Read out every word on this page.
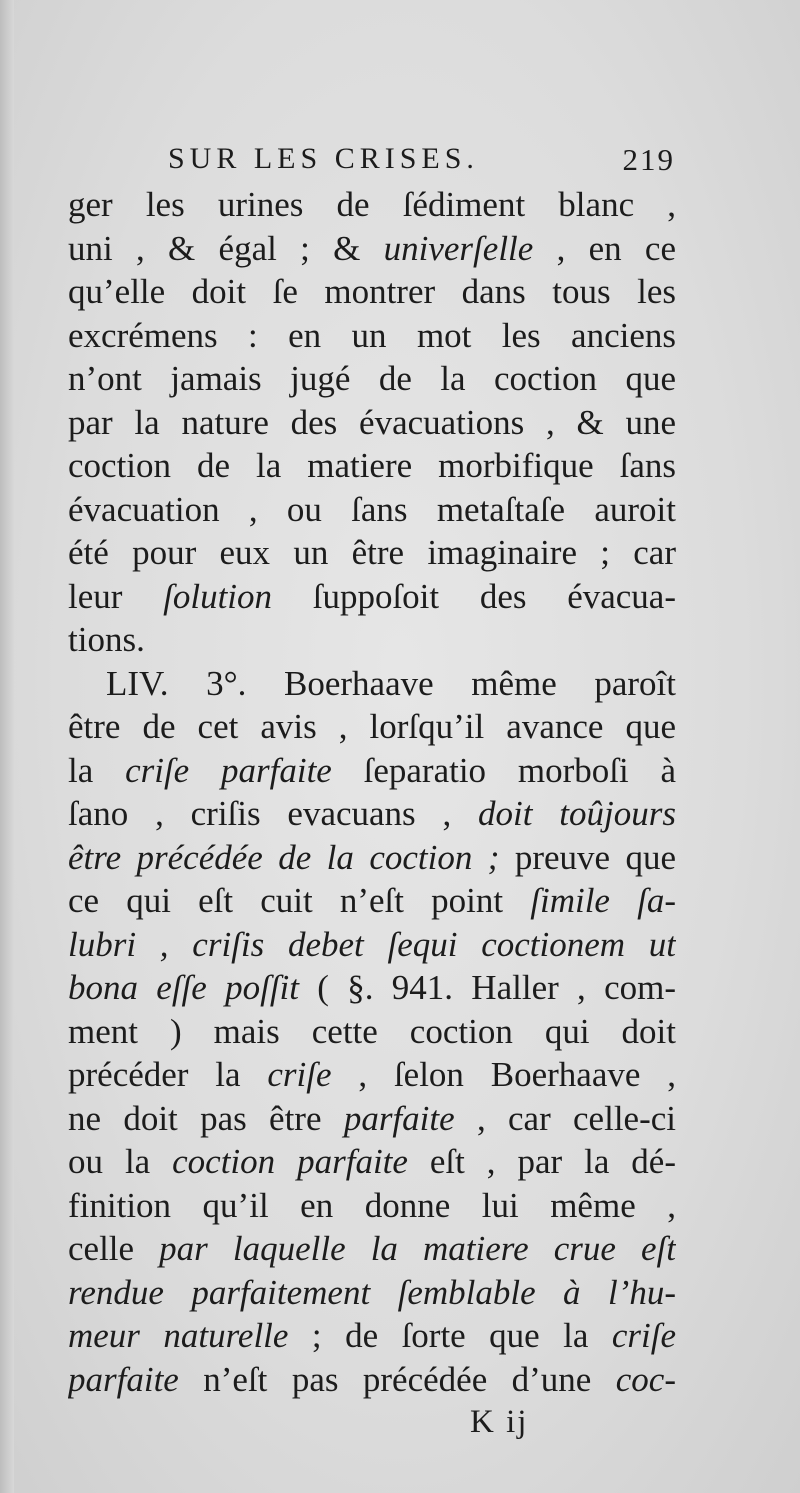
SUR LES CRISES.	219
ger les urines de ſédiment blanc ,
uni , & égal ; & univerſelle , en ce
qu’elle doit ſe montrer dans tous les
excrémens : en un mot les anciens
n’ont jamais jugé de la coction que
par la nature des évacuations , & une
coction de la matiere morbifique ſans
évacuation , ou ſans metaſtaſe auroit
été pour eux un être imaginaire ; car
leur ſolution ſuppoſoit des évacua-
tions.
LIV. 3°. Boerhaave même paroît
être de cet avis , lorſqu’il avance que
la criſe parfaite ſeparatio morboſi à
ſano , criſis evacuans , doit toûjours
être précédée de la coction ; preuve que
ce qui eſt cuit n’eſt point ſimile ſa-
lubri , criſis debet ſequi coctionem ut
bona eſſe poſſit ( §. 941. Haller , com-
ment ) mais cette coction qui doit
précéder la criſe , ſelon Boerhaave ,
ne doit pas être parfaite , car celle-ci
ou la coction parfaite eſt , par la dé-
finition qu’il en donne lui même ,
celle par laquelle la matiere crue eſt
rendue parfaitement ſemblable à l’hu-
meur naturelle ; de ſorte que la criſe
parfaite n’eſt pas précédée d’une coc-
K ij
